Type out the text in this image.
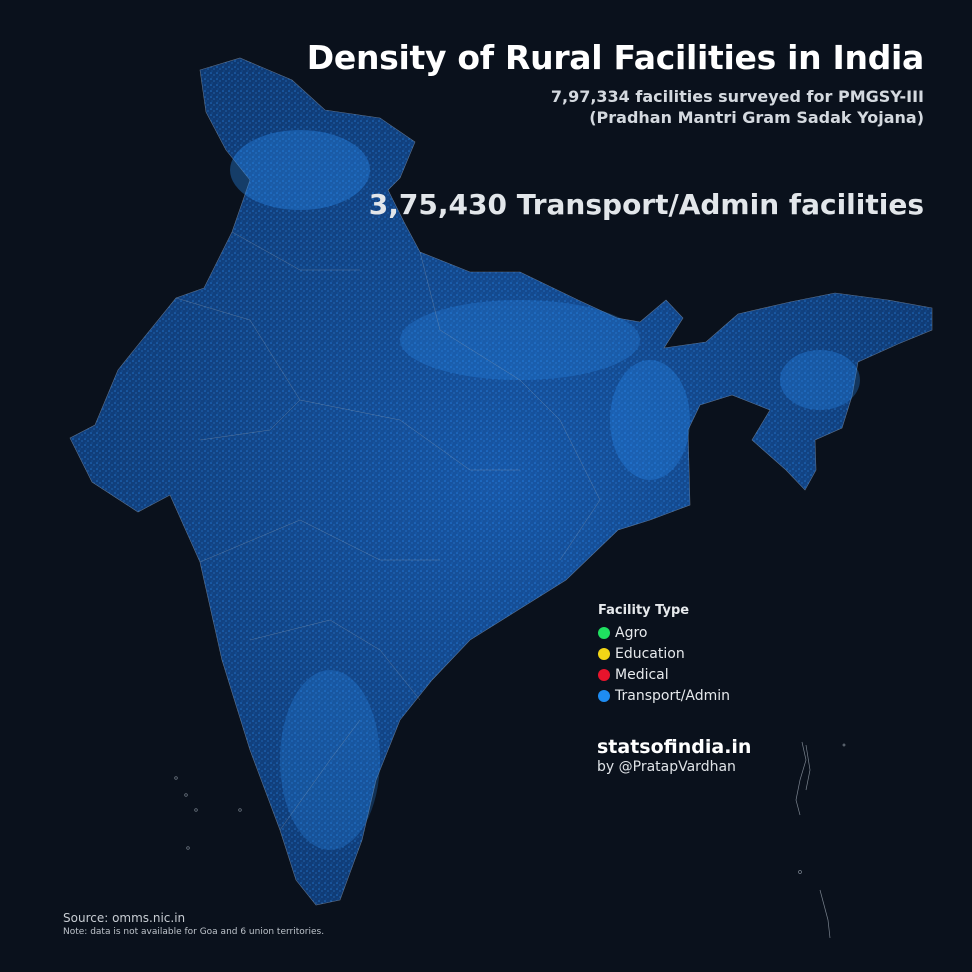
Density of Rural Facilities in India
7,97,334 facilities surveyed for PMGSY-III
(Pradhan Mantri Gram Sadak Yojana)
3,75,430 Transport/Admin facilities
Facility Type
Agro
Education
Medical
Transport/Admin
statsofindia.in
by @PratapVardhan
Source: omms.nic.in
Note: data is not available for Goa and 6 union territories.
